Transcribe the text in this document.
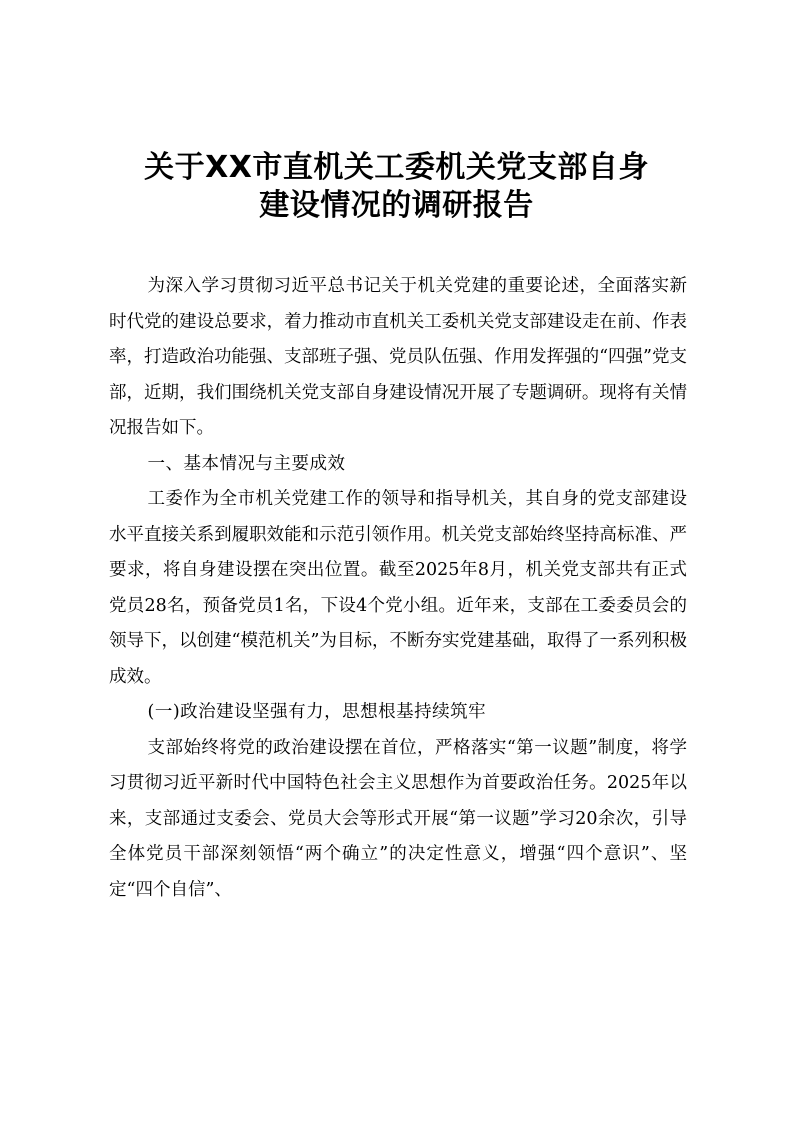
关于XX市直机关工委机关党支部自身
建设情况的调研报告

为深入学习贯彻习近平总书记关于机关党建的重要论述，全面落实新时代党的建设总要求，着力推动市直机关工委机关党支部建设走在前、作表率，打造政治功能强、支部班子强、党员队伍强、作用发挥强的“四强”党支部，近期，我们围绕机关党支部自身建设情况开展了专题调研。现将有关情况报告如下。

一、基本情况与主要成效

工委作为全市机关党建工作的领导和指导机关，其自身的党支部建设水平直接关系到履职效能和示范引领作用。机关党支部始终坚持高标准、严要求，将自身建设摆在突出位置。截至2025年8月，机关党支部共有正式党员28名，预备党员1名，下设4个党小组。近年来，支部在工委委员会的领导下，以创建“模范机关”为目标，不断夯实党建基础，取得了一系列积极成效。

(一)政治建设坚强有力，思想根基持续筑牢

支部始终将党的政治建设摆在首位，严格落实“第一议题”制度，将学习贯彻习近平新时代中国特色社会主义思想作为首要政治任务。2025年以来，支部通过支委会、党员大会等形式开展“第一议题”学习20余次，引导全体党员干部深刻领悟“两个确立”的决定性意义，增强“四个意识”、坚定“四个自信”、
